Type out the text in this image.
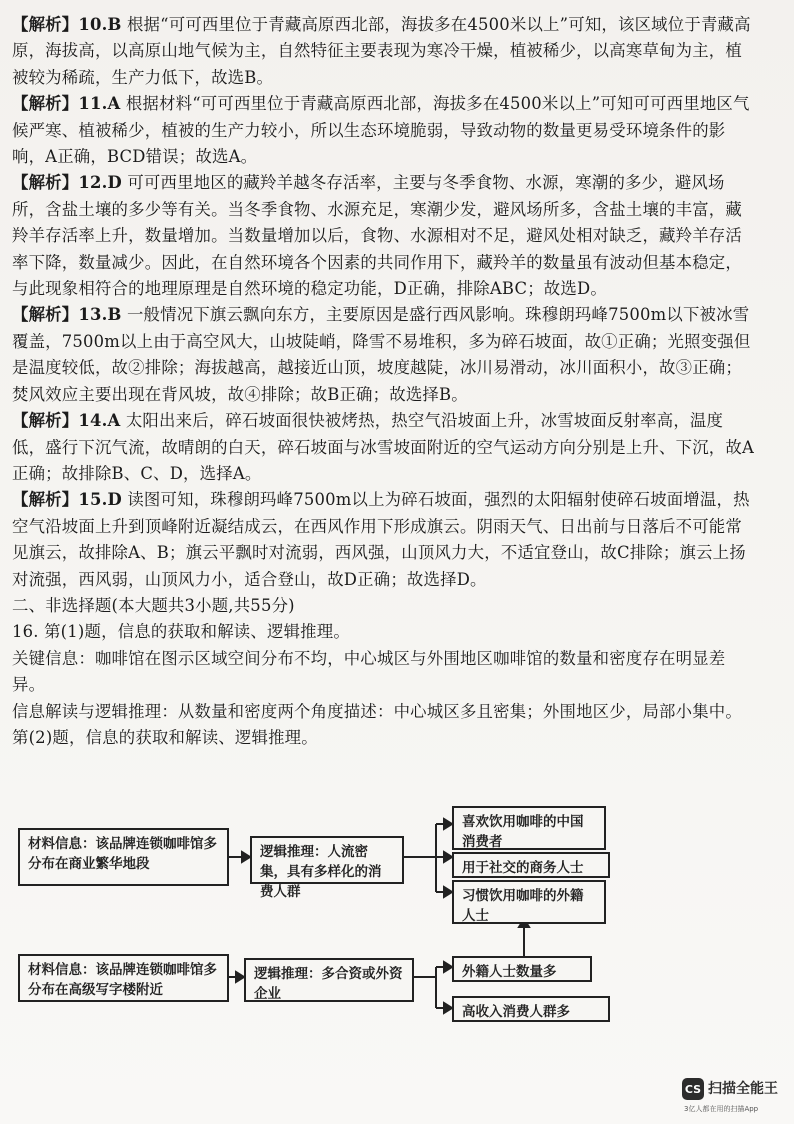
【解析】10.B 根据“可可西里位于青藏高原西北部，海拔多在4500米以上”可知，该区域位于青藏高原，海拔高，以高原山地气候为主，自然特征主要表现为寒冷干燥，植被稀少，以高寒草甸为主，植被较为稀疏，生产力低下，故选B。

【解析】11.A 根据材料“可可西里位于青藏高原西北部，海拔多在4500米以上”可知可可西里地区气候严寒、植被稀少，植被的生产力较小，所以生态环境脆弱，导致动物的数量更易受环境条件的影响，A正确，BCD错误；故选A。

【解析】12.D 可可西里地区的藏羚羊越冬存活率，主要与冬季食物、水源，寒潮的多少，避风场所，含盐土壤的多少等有关。当冬季食物、水源充足，寒潮少发，避风场所多，含盐土壤的丰富，藏羚羊存活率上升，数量增加。当数量增加以后，食物、水源相对不足，避风处相对缺乏，藏羚羊存活率下降，数量减少。因此，在自然环境各个因素的共同作用下，藏羚羊的数量虽有波动但基本稳定，与此现象相符合的地理原理是自然环境的稳定功能，D正确，排除ABC；故选D。

【解析】13.B 一般情况下旗云飘向东方，主要原因是盛行西风影响。珠穆朗玛峰7500m以下被冰雪覆盖，7500m以上由于高空风大，山坡陡峭，降雪不易堆积，多为碎石坡面，故①正确；光照变强但是温度较低，故②排除；海拔越高，越接近山顶，坡度越陡，冰川易滑动，冰川面积小，故③正确；焚风效应主要出现在背风坡，故④排除；故B正确；故选择B。

【解析】14.A 太阳出来后，碎石坡面很快被烤热，热空气沿坡面上升，冰雪坡面反射率高，温度低，盛行下沉气流，故晴朗的白天，碎石坡面与冰雪坡面附近的空气运动方向分别是上升、下沉，故A正确；故排除B、C、D，选择A。

【解析】15.D 读图可知，珠穆朗玛峰7500m以上为碎石坡面，强烈的太阳辐射使碎石坡面增温，热空气沿坡面上升到顶峰附近凝结成云，在西风作用下形成旗云。阴雨天气、日出前与日落后不可能常见旗云，故排除A、B；旗云平飘时对流弱，西风强，山顶风力大，不适宜登山，故C排除；旗云上扬对流强，西风弱，山顶风力小，适合登山，故D正确；故选择D。

二、非选择题(本大题共3小题,共55分)

16. 第(1)题，信息的获取和解读、逻辑推理。

关键信息：咖啡馆在图示区域空间分布不均，中心城区与外围地区咖啡馆的数量和密度存在明显差异。

信息解读与逻辑推理：从数量和密度两个角度描述：中心城区多且密集；外围地区少，局部小集中。

第(2)题，信息的获取和解读、逻辑推理。

材料信息：该品牌连锁咖啡馆多分布在商业繁华地段
逻辑推理：人流密集，具有多样化的消费人群
喜欢饮用咖啡的中国消费者
用于社交的商务人士
习惯饮用咖啡的外籍人士
材料信息：该品牌连锁咖啡馆多分布在高级写字楼附近
逻辑推理：多合资或外资企业
外籍人士数量多
高收入消费人群多
CS 扫描全能王
3亿人都在用的扫描App
